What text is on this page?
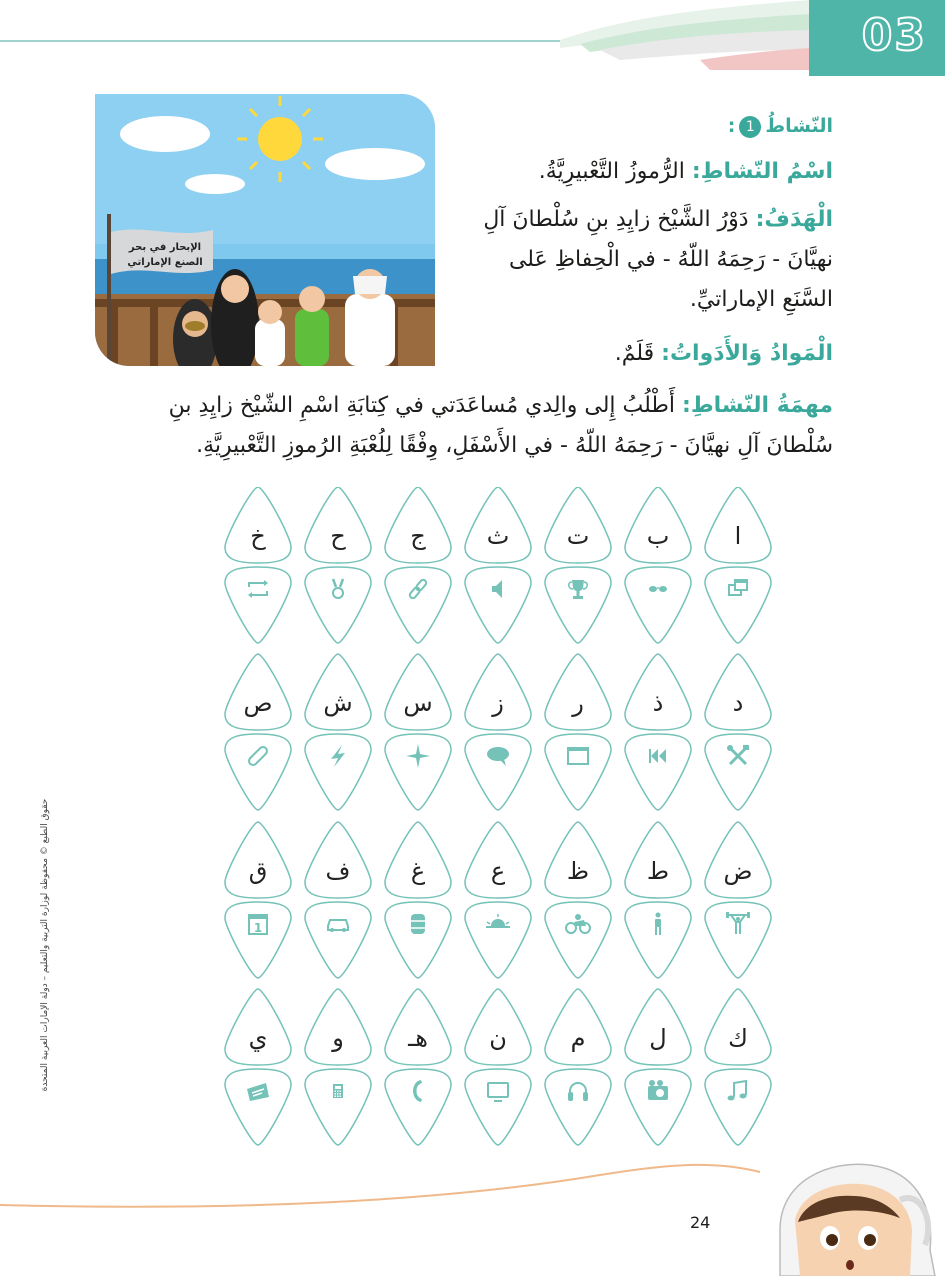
03
الإبحار في بحر
الصنع الإماراتي
النّشاطُ1:
اسْمُ النّشاطِ: الرُّموزُ التَّعْبيرِيَّةُ.
الْهَدَفُ: دَوْرُ الشَّيْخ زايِدِ بنِ سُلْطانَ آلِ
نهيَّانَ - رَحِمَهُ اللّهُ - في الْحِفاظِ عَلى
السَّنَعِ الإماراتيِّ.
الْمَوادُ وَالأَدَواتُ: قَلَمٌ.
مهمَةُ النّشاطِ: أَطْلُبُ إِلى والِدي مُساعَدَتي في كِتابَةِ اسْمِ الشّيْخ زايِدِ بنِ
سُلْطانَ آلِ نهيَّانَ - رَحِمَهُ اللّهُ - في الأَسْفَلِ، وِفْقًا لِلُعْبَةِ الرُموزِ التَّعْبيرِيَّةِ.
ا
ب
ت
ث
ج
ح
خ
د
ذ
ر
ز
س
ش
ص
ض
ط
ظ
ع
غ
ف
ق
1
ك
ل
م
ن
هـ
و
ي
حقوق الطبع © محفوظة لوزارة التربية والتعليم – دولة الإمارات العربية المتحدة
24
